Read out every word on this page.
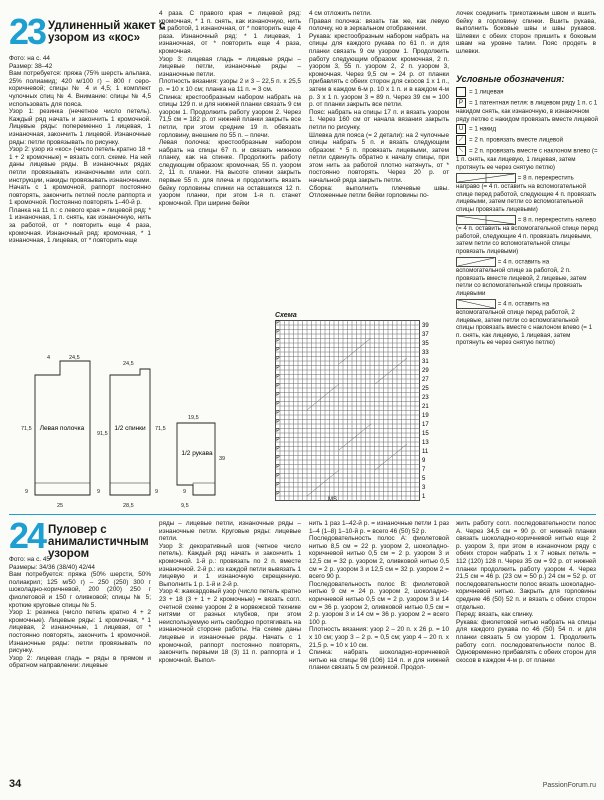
23 Удлиненный жакет с узором из «кос»

Фото: на с. 44

Размер: 38–42

Вам потребуется: пряжа (75% шерсть альпака, 25% полиамид; 420 м/100 г) – 800 г серо-коричневой; спицы № 4 и 4,5; 1 комплект чулочных спиц № 4. Внимание: спицы № 4,5 использовать для пояса.

Узор 1: резинка (нечетное число петель). Каждый ряд начать и закончить 1 кромочной. Лицевые ряды: попеременно 1 лицевая, 1 изнаночная, закончить 1 лицевой. Изнаночные ряды: петли провязывать по рисунку.

Узор 2: узор из «кос» (число петель кратно 18 + 1 + 2 кромочные) = вязать согл. схеме. На ней даны лицевые ряды. В изнаночных рядах петли провязывать изнаночными или согл. инструкции, накиды провязывать изнаночными. Начать с 1 кромочной, раппорт постоянно повторять, закончить петлей после раппорта и 1 кромочной. Постоянно повторять 1–40-й р.

Планка на 11 п.: с левого края = лицевой ряд: * 1 изнаночная, 1 п. снять, как изнаночную, нить за работой, от * повторить еще 4 раза, кромочная. Изнаночный ряд: кромочная, * 1 изнаночная, 1 лицевая, от * повторить еще

4 раза. С правого края = лицевой ряд: кромочная, * 1 п. снять, как изнаночную, нить за работой, 1 изнаночная, от * повторить еще 4 раза. Изнаночный ряд: * 1 лицевая, 1 изнаночная, от * повторить еще 4 раза, кромочная.

Узор 3: лицевая гладь = лицевые ряды – лицевые петли, изнаночные ряды – изнаночные петли.

Плотность вязания: узоры 2 и 3 – 22,5 п. x 25,5 р. = 10 x 10 см; планка на 11 п. = 3 см.

Спинка: крестообразным набором набрать на спицы 129 п. и для нижней планки связать 9 см узором 1. Продолжить работу узором 2. Через 71,5 см = 182 р. от нижней планки закрыть все петли, при этом средние 19 п. обвязать горловину, внешние по 55 п. – плечи.

Левая полочка: крестообразным набором набрать на спицы 67 п. и связать нижнюю планку, как на спинке. Продолжить работу следующим образом: кромочная, 55 п. узором 2, 11 п. планки. На высоте спинки закрыть первые 55 п. для плеча и продолжить вязать бейку горловины спинки на оставшихся 12 п. узором планки, при этом 1-я п. станет кромочной. При ширине бейки

4 см отложить петли.

Правая полочка: вязать так же, как левую полочку, но в зеркальном отображении.

Рукава: крестообразным набором набрать на спицы для каждого рукава по 61 п. и для планки связать 9 см узором 1. Продолжить работу следующим образом: кромочная, 2 п. узором 3, 55 п. узором 2, 2 п. узором 3, кромочная. Через 9,5 см = 24 р. от планки прибавлять с обеих сторон для скосов 1 x 1 п., затем в каждом 6-м р. 10 x 1 п. и в каждом 4-м р. 3 x 1 п. узором 3 = 89 п. Через 39 см = 100 р. от планки закрыть все петли.

Пояс: набрать на спицы 17 п. и вязать узором 1. Через 160 см от начала вязания закрыть петли по рисунку.

Шлевка для пояса (= 2 детали): на 2 чулочные спицы набрать 5 п. и вязать следующим образом: * 5 п. провязать лицевыми, затем петли сдвинуть обратно к началу спицы, при этом нить за работой плотно натянуть, от * постоянно повторять. Через 20 р. от начальной ряда закрыть петли.

Сборка: выполнить плечевые швы. Отложенные петли бейки горловины по-

лочек соединить трикотажным швом и вшить бейку в горловину спинки. Вшить рукава, выполнить боковые швы и швы рукавов. Шлевки с обеих сторон пришить к боковым швам на уровне талии. Пояс продеть в шлевки.

Условные обозначения:
= 1 лицевая
P = 1 патентная петля: в лицевом ряду 1 п. с 1 накидом снять, как изнаночную, в изнаночном ряду петлю с накидом провязать вместе лицевой
U = 1 накид
⟋ = 2 п. провязать вместе лицевой
⟍ = 2 п. провязать вместе с наклоном влево (= 1 п. снять, как лицевую, 1 лицевая, затем протянуть ее через снятую петлю)
= 8 п. перекрестить направо (= 4 п. оставить на вспомогательной спице перед работой, следующие 4 п. провязать лицевыми, затем петли со вспомогательной спицы провязать лицевыми)
= 8 п. перекрестить налево (= 4 п. оставить на вспомогательной спице перед работой, следующие 4 п. провязать лицевыми, затем петли со вспомогательной спицы провязать лицевыми)
= 4 п. оставить на вспомогательной спице за работой, 2 п. провязать вместе лицевой, 2 лицевые, затем петли со вспомогательной спицы провязать лицевыми
= 4 п. оставить на вспомогательной спице перед работой, 2 лицевые, затем петли со вспомогательной спицы провязать вместе с наклоном влево (= 1 п. снять, как лицевую, 1 лицевая, затем протянуть ее через снятую петлю)
Левая полочка	1/2 спинки
1/2 рукава
4	24,5
9
71,5
91,5
9
25	28,5
24,5
71,5
9	9
39
9,5
19,5
Схема
P
P
P
P
P
P
P
P
P
P
P
P
P
P
P
P
P
P
P
P
39
37
35
33
31
29
27
25
23
21
19
17
15
13
11
9
7
5
3
1
MS
24 Пуловер с анималистичным узором

Фото: на с. 45

Размеры: 34/36 (38/40) 42/44

Вам потребуется: пряжа (50% шерсти, 50% полиакрил; 125 м/50 г) – 250 (250) 300 г шоколадно-коричневой, 200 (200) 250 г фиолетовой и 150 г оливковой; спицы № 5; кроткие круговые спицы № 5.

Узор 1: резинка (число петель кратно 4 + 2 кромочные). Лицевые ряды: 1 кромочная, * 1 лицевая, 2 изнаночные, 1 лицевая, от * постоянно повторять, закончить 1 кромочной. Изнаночные ряды: петли провязывать по рисунку.

Узор 2: лицевая гладь = ряды в прямом и обратном направлении: лицевые

ряды – лицевые петли, изнаночные ряды – изнаночные петли. Круговые ряды: лицевые петли.

Узор 3: декоративный шов (четное число петель). Каждый ряд начать и закончить 1 кромочной. 1-й р.: провязать по 2 п. вместе изнаночной. 2-й р.: из каждой петли вывязать 1 лицевую и 1 изнаночную скрещенную. Выполнить 1 р. 1-й и 2-й р.

Узор 4: жаккардовый узор (число петель кратно 23 + 18 (3 + 1 + 2 кромочные) = вязать согл. счетной схеме узором 2 в норвежской технике нитями от разных клубков, при этом неиспользуемую нить свободно протягивать на изнаночной стороне работы. На схеме даны лицевые и изнаночные ряды. Начать с 1 кромочной, раппорт постоянно повторять, закончить первыми 18 (3) 11 п. раппорта и 1 кромочной. Выпол-

нить 1 раз 1–42-й р. = изнаночные петли 1 раз 1–4 (1–8) 1–10-й р. = всего 46 (50) 52 р.

Последовательность полос А: фиолетовой нитью 8,5 см = 22 р. узором 2, шоколадно-коричневой нитью 0,5 см = 2 р. узором 3 и 12,5 см = 32 р. узором 2, оливковой нитью 0,5 см = 2 р. узором 3 и 12,5 см = 32 р. узором 2 = всего 90 р.

Последовательность полос В: фиолетовой нитью 9 см = 24 р. узором 2, шоколадно-коричневой нитью 0,5 см = 2 р. узором 3 и 14 см = 36 р. узором 2, оливковой нитью 0,5 см = 2 р. узором 3 и 14 см = 36 р. узором 2 = всего 100 р.

Плотность вязания: узор 2 – 20 п. x 26 р. = 10 x 10 см; узор 3 – 2 р. = 0,5 см; узор 4 – 20 п. x 21,5 р. = 10 x 10 см.

Спинка: набрать шоколадно-коричневой нитью на спицы 98 (106) 114 п. и для нижней планки связать 5 см резинкой. Продол-

жить работу согл. последовательности полос А. Через 34,5 см = 90 р. от нижней планки связать шоколадно-коричневой нитью еще 2 р. узором 3, при этом в изнаночном ряду с обеих сторон набрать 1 x 7 новых петель = 112 (120) 128 п. Через 35 см = 92 р. от нижней планки продолжить работу узором 4. Через 21,5 см = 46 р. (23 см = 50 р.) 24 см = 52 р. от последовательности полос вязать шоколадно-коричневой нитью. Закрыть для горловины средние 46 (50) 52 п. и вязать с обеих сторон отдельно.

Перед: вязать, как спинку.

Рукава: фиолетовой нитью набрать на спицы для каждого рукава по 46 (50) 54 п. и для планки связать 5 см узором 1. Продолжить работу согл. последовательности полос В. Одновременно прибавлять с обеих сторон для скосов в каждом 4-м р. от планки

34	PassionForum.ru
